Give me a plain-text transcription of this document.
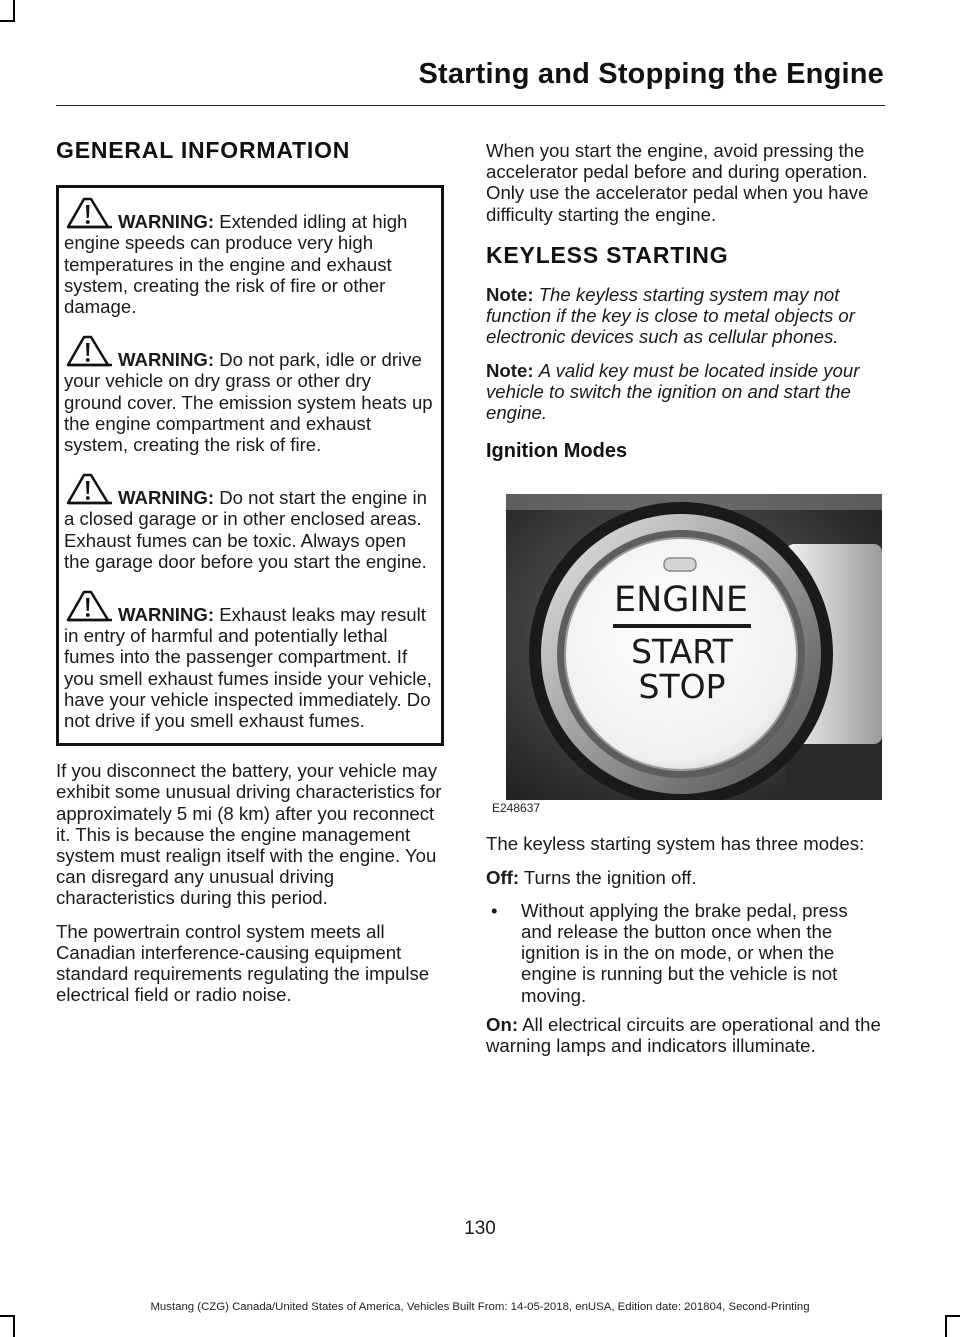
Starting and Stopping the Engine
GENERAL INFORMATION
WARNING: Extended idling at high engine speeds can produce very high temperatures in the engine and exhaust system, creating the risk of fire or other damage.
WARNING: Do not park, idle or drive your vehicle on dry grass or other dry ground cover. The emission system heats up the engine compartment and exhaust system, creating the risk of fire.
WARNING: Do not start the engine in a closed garage or in other enclosed areas. Exhaust fumes can be toxic. Always open the garage door before you start the engine.
WARNING: Exhaust leaks may result in entry of harmful and potentially lethal fumes into the passenger compartment. If you smell exhaust fumes inside your vehicle, have your vehicle inspected immediately. Do not drive if you smell exhaust fumes.

If you disconnect the battery, your vehicle may exhibit some unusual driving characteristics for approximately 5 mi (8 km) after you reconnect it. This is because the engine management system must realign itself with the engine. You can disregard any unusual driving characteristics during this period.

The powertrain control system meets all Canadian interference-causing equipment standard requirements regulating the impulse electrical field or radio noise.

When you start the engine, avoid pressing the accelerator pedal before and during operation. Only use the accelerator pedal when you have difficulty starting the engine.

KEYLESS STARTING

Note: The keyless starting system may not function if the key is close to metal objects or electronic devices such as cellular phones.

Note: A valid key must be located inside your vehicle to switch the ignition on and start the engine.

Ignition Modes
ENGINE
START
STOP
E248637

The keyless starting system has three modes:

Off: Turns the ignition off.

• Without applying the brake pedal, press and release the button once when the ignition is in the on mode, or when the engine is running but the vehicle is not moving.

On: All electrical circuits are operational and the warning lamps and indicators illuminate.

130
Mustang (CZG) Canada/United States of America, Vehicles Built From: 14-05-2018, enUSA, Edition date: 201804, Second-Printing
